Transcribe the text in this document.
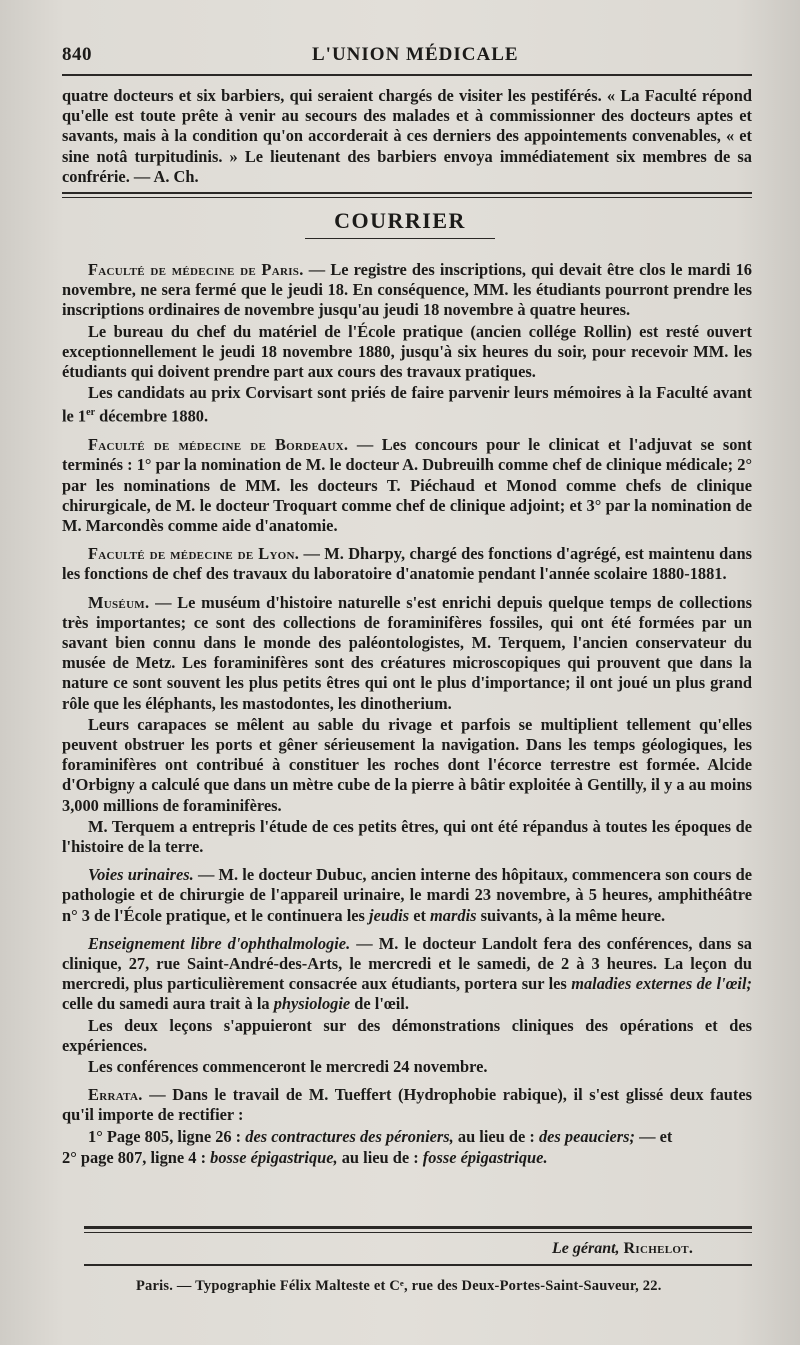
840	L'UNION MÉDICALE

quatre docteurs et six barbiers, qui seraient chargés de visiter les pestiférés. « La Faculté répond qu'elle est toute prête à venir au secours des malades et à commissionner des docteurs aptes et savants, mais à la condition qu'on accorderait à ces derniers des appointements convenables, « et sine notâ turpitudinis. » Le lieutenant des barbiers envoya immédiatement six membres de sa confrérie. — A. Ch.

COURRIER

Faculté de médecine de Paris. — Le registre des inscriptions, qui devait être clos le mardi 16 novembre, ne sera fermé que le jeudi 18. En conséquence, MM. les étudiants pourront prendre les inscriptions ordinaires de novembre jusqu'au jeudi 18 novembre à quatre heures.

Le bureau du chef du matériel de l'École pratique (ancien collége Rollin) est resté ouvert exceptionnellement le jeudi 18 novembre 1880, jusqu'à six heures du soir, pour recevoir MM. les étudiants qui doivent prendre part aux cours des travaux pratiques.

Les candidats au prix Corvisart sont priés de faire parvenir leurs mémoires à la Faculté avant le 1er décembre 1880.

Faculté de médecine de Bordeaux. — Les concours pour le clinicat et l'adjuvat se sont terminés : 1° par la nomination de M. le docteur A. Dubreuilh comme chef de clinique médicale; 2° par les nominations de MM. les docteurs T. Piéchaud et Monod comme chefs de clinique chirurgicale, de M. le docteur Troquart comme chef de clinique adjoint; et 3° par la nomination de M. Marcondès comme aide d'anatomie.

Faculté de médecine de Lyon. — M. Dharpy, chargé des fonctions d'agrégé, est maintenu dans les fonctions de chef des travaux du laboratoire d'anatomie pendant l'année scolaire 1880-1881.

Muséum. — Le muséum d'histoire naturelle s'est enrichi depuis quelque temps de collections très importantes; ce sont des collections de foraminifères fossiles, qui ont été formées par un savant bien connu dans le monde des paléontologistes, M. Terquem, l'ancien conservateur du musée de Metz. Les foraminifères sont des créatures microscopiques qui prouvent que dans la nature ce sont souvent les plus petits êtres qui ont le plus d'importance; il ont joué un plus grand rôle que les éléphants, les mastodontes, les dinotherium.

Leurs carapaces se mêlent au sable du rivage et parfois se multiplient tellement qu'elles peuvent obstruer les ports et gêner sérieusement la navigation. Dans les temps géologiques, les foraminifères ont contribué à constituer les roches dont l'écorce terrestre est formée. Alcide d'Orbigny a calculé que dans un mètre cube de la pierre à bâtir exploitée à Gentilly, il y a au moins 3,000 millions de foraminifères.

M. Terquem a entrepris l'étude de ces petits êtres, qui ont été répandus à toutes les époques de l'histoire de la terre.

Voies urinaires. — M. le docteur Dubuc, ancien interne des hôpitaux, commencera son cours de pathologie et de chirurgie de l'appareil urinaire, le mardi 23 novembre, à 5 heures, amphithéâtre n° 3 de l'École pratique, et le continuera les jeudis et mardis suivants, à la même heure.

Enseignement libre d'ophthalmologie. — M. le docteur Landolt fera des conférences, dans sa clinique, 27, rue Saint-André-des-Arts, le mercredi et le samedi, de 2 à 3 heures. La leçon du mercredi, plus particulièrement consacrée aux étudiants, portera sur les maladies externes de l'œil; celle du samedi aura trait à la physiologie de l'œil.

Les deux leçons s'appuieront sur des démonstrations cliniques des opérations et des expériences.

Les conférences commenceront le mercredi 24 novembre.

Errata. — Dans le travail de M. Tueffert (Hydrophobie rabique), il s'est glissé deux fautes qu'il importe de rectifier :

1° Page 805, ligne 26 : des contractures des péroniers, au lieu de : des peauciers; — et

2° page 807, ligne 4 : bosse épigastrique, au lieu de : fosse épigastrique.

Le gérant, Richelot.
Paris. — Typographie Félix Malteste et Cᵉ, rue des Deux-Portes-Saint-Sauveur, 22.
